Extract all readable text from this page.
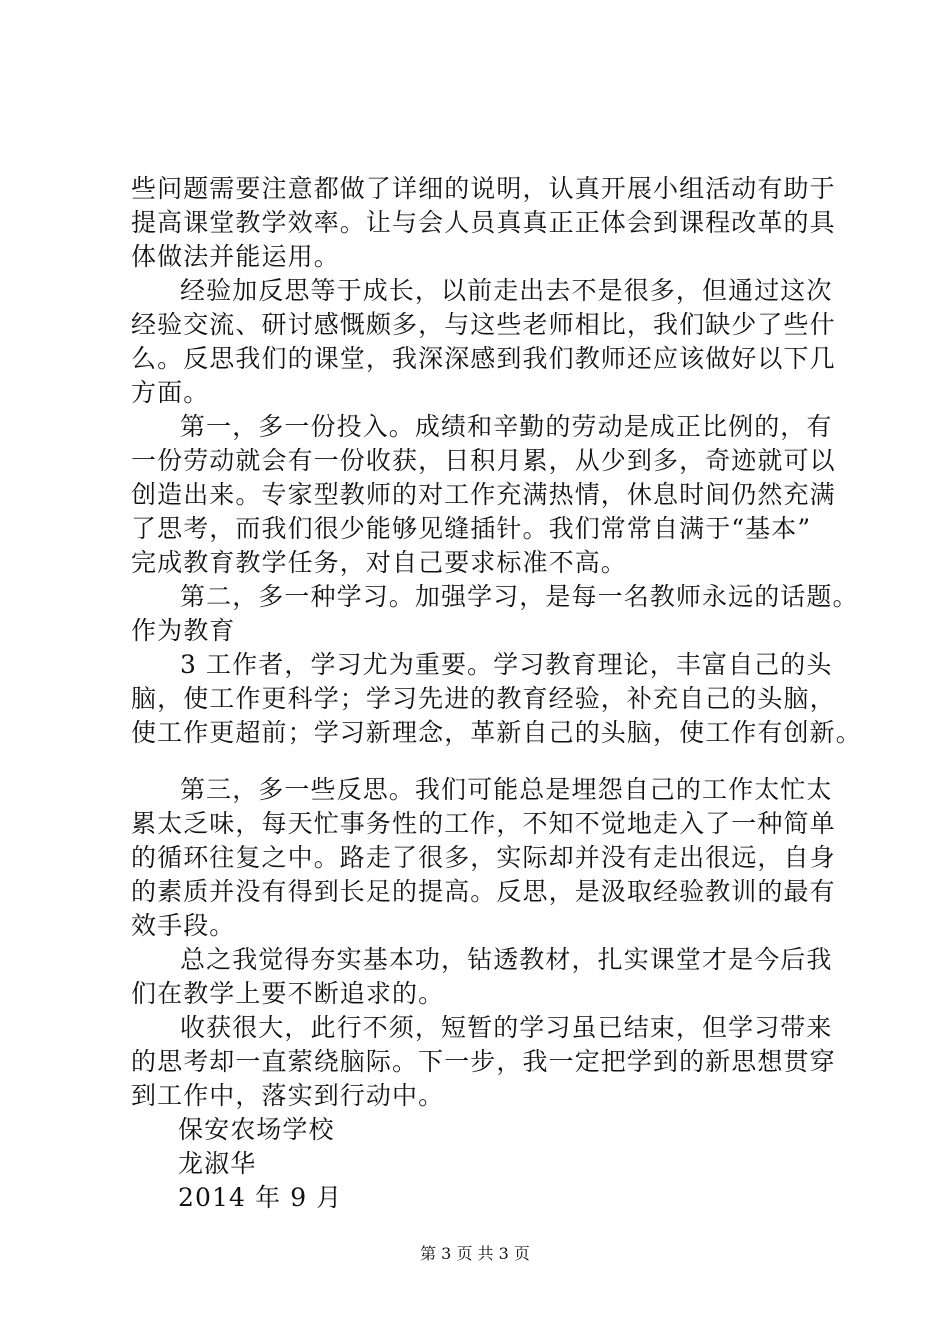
些问题需要注意都做了详细的说明，认真开展小组活动有助于
提高课堂教学效率。让与会人员真真正正体会到课程改革的具
体做法并能运用。
经验加反思等于成长，以前走出去不是很多，但通过这次
经验交流、研讨感慨颇多，与这些老师相比，我们缺少了些什
么。反思我们的课堂，我深深感到我们教师还应该做好以下几
方面。
第一，多一份投入。成绩和辛勤的劳动是成正比例的，有
一份劳动就会有一份收获，日积月累，从少到多，奇迹就可以
创造出来。专家型教师的对工作充满热情，休息时间仍然充满
了思考，而我们很少能够见缝插针。我们常常自满于“基本”
完成教育教学任务，对自己要求标准不高。
第二，多一种学习。加强学习，是每一名教师永远的话题。
作为教育
3 工作者，学习尤为重要。学习教育理论，丰富自己的头
脑，使工作更科学；学习先进的教育经验，补充自己的头脑，
使工作更超前；学习新理念，革新自己的头脑，使工作有创新。
第三，多一些反思。我们可能总是埋怨自己的工作太忙太
累太乏味，每天忙事务性的工作，不知不觉地走入了一种简单
的循环往复之中。路走了很多，实际却并没有走出很远，自身
的素质并没有得到长足的提高。反思，是汲取经验教训的最有
效手段。
总之我觉得夯实基本功，钻透教材，扎实课堂才是今后我
们在教学上要不断追求的。
收获很大，此行不须，短暂的学习虽已结束，但学习带来
的思考却一直萦绕脑际。下一步，我一定把学到的新思想贯穿
到工作中，落实到行动中。
保安农场学校
龙淑华
2014 年 9 月
第 3 页 共 3 页
